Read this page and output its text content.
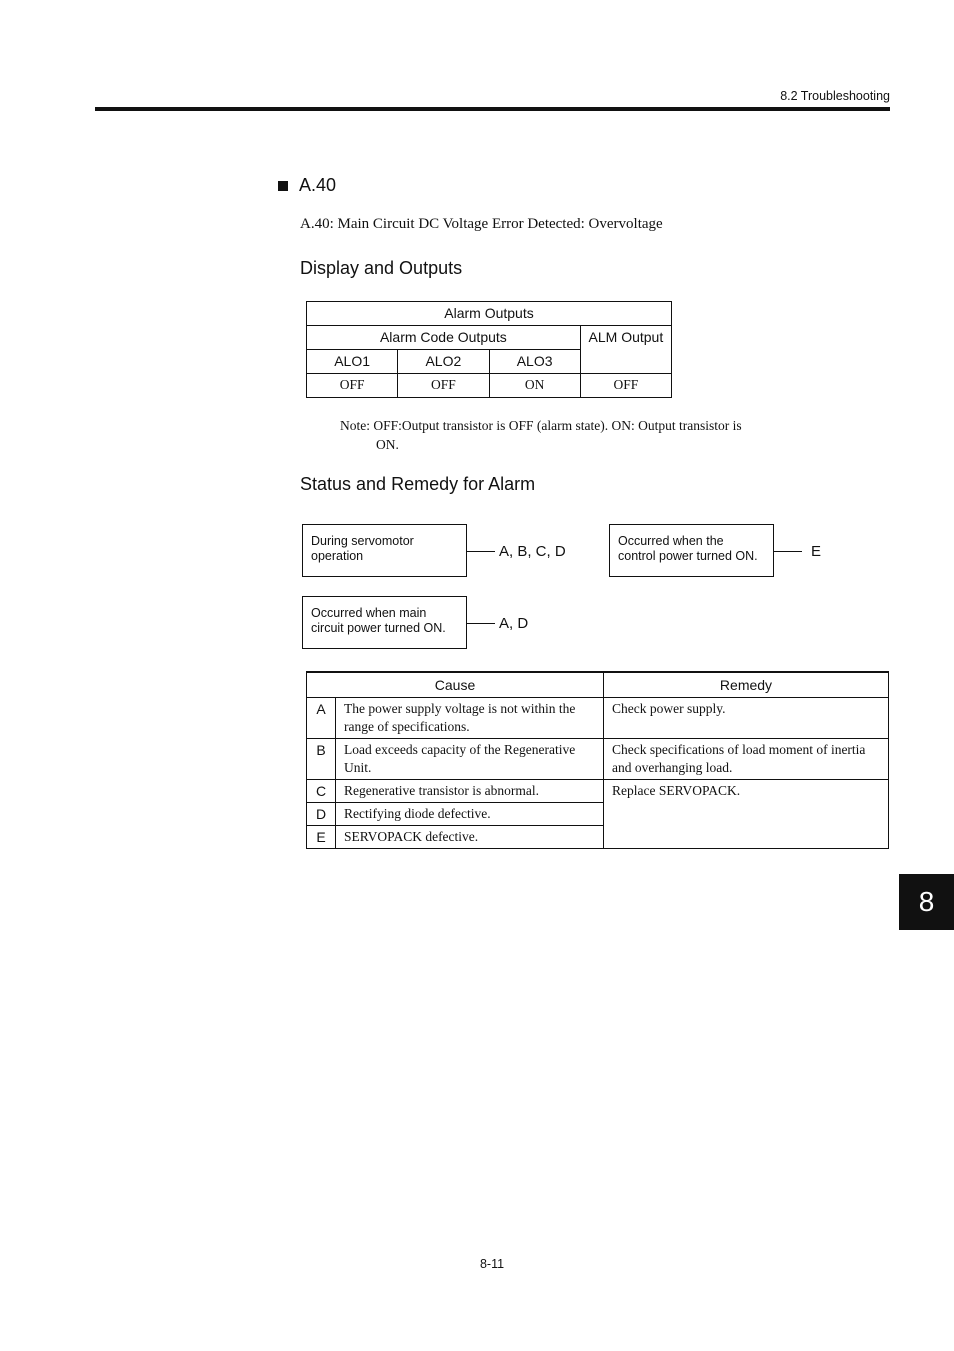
8.2 Troubleshooting
A.40
A.40: Main Circuit DC Voltage Error Detected: Overvoltage
Display and Outputs
Alarm Outputs			
Alarm Code Outputs			ALM Output
ALO1	ALO2	ALO3	
OFF	OFF	ON	OFF
Note: OFF:Output transistor is OFF (alarm state). ON: Output transistor is
ON.
Status and Remedy for Alarm
During servomotor
operation	A, B, C, D
Occurred when the
control power turned ON.	E
Occurred when main
circuit power turned ON.	A, D
Cause		Remedy
A	The power supply voltage is not within the range of specifications.	Check power supply.
B	Load exceeds capacity of the Regenerative Unit.	Check specifications of load moment of inertia and overhanging load.
C	Regenerative transistor is abnormal.	Replace SERVOPACK.
D	Rectifying diode defective.	
E	SERVOPACK defective.	
8
8-11
